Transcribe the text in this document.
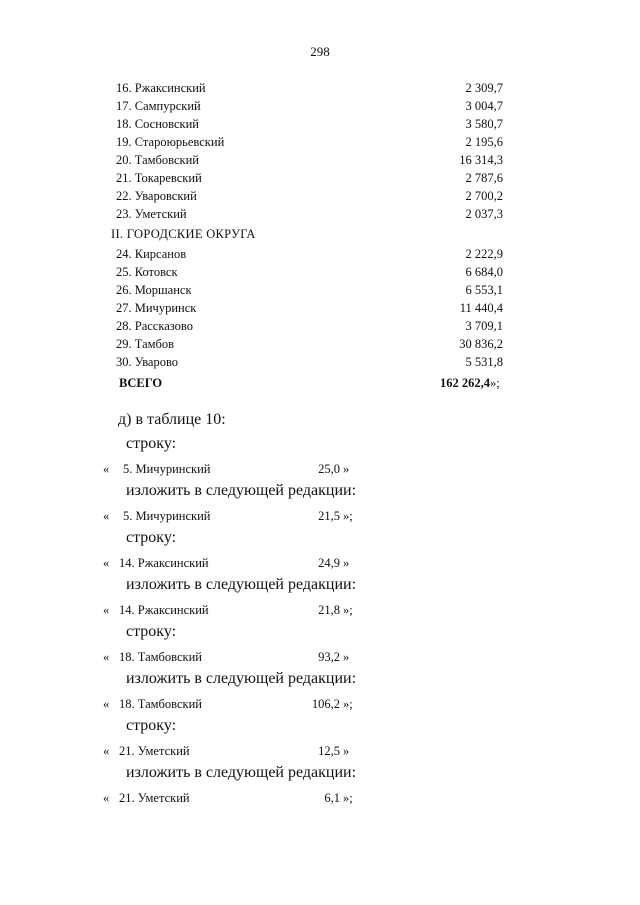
298
16. Ржаксинский	2 309,7
17. Сампурский	3 004,7
18. Сосновский	3 580,7
19. Староюрьевский	2 195,6
20. Тамбовский	16 314,3
21. Токаревский	2 787,6
22. Уваровский	2 700,2
23. Уметский	2 037,3
II. ГОРОДСКИЕ ОКРУГА
24. Кирсанов	2 222,9
25. Котовск	6 684,0
26. Моршанск	6 553,1
27. Мичуринск	11 440,4
28. Рассказово	3 709,1
29. Тамбов	30 836,2
30. Уварово	5 531,8
ВСЕГО	162 262,4»;
д) в таблице 10:
строку:
« 5. Мичуринский	25,0 »
изложить в следующей редакции:
« 5. Мичуринский	21,5 »;
строку:
« 14. Ржаксинский	24,9 »
изложить в следующей редакции:
« 14. Ржаксинский	21,8 »;
строку:
« 18. Тамбовский	93,2 »
изложить в следующей редакции:
« 18. Тамбовский	106,2 »;
строку:
« 21. Уметский	12,5 »
изложить в следующей редакции:
« 21. Уметский	6,1 »;
